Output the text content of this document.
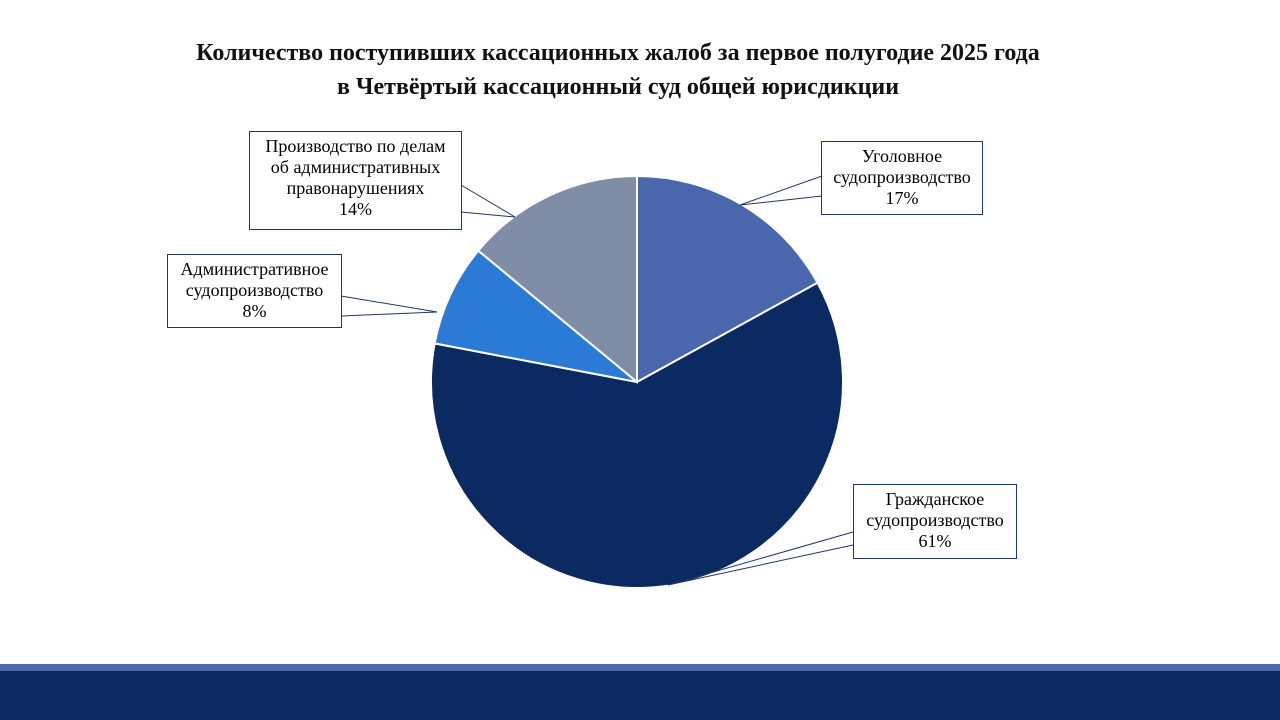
Количество поступивших кассационных жалоб за первое полугодие 2025 года
в Четвёртый кассационный суд общей юрисдикции
Уголовное
судопроизводство
17%
Гражданское
судопроизводство
61%
Административное
судопроизводство
8%
Производство по делам
об административных
правонарушениях
14%
